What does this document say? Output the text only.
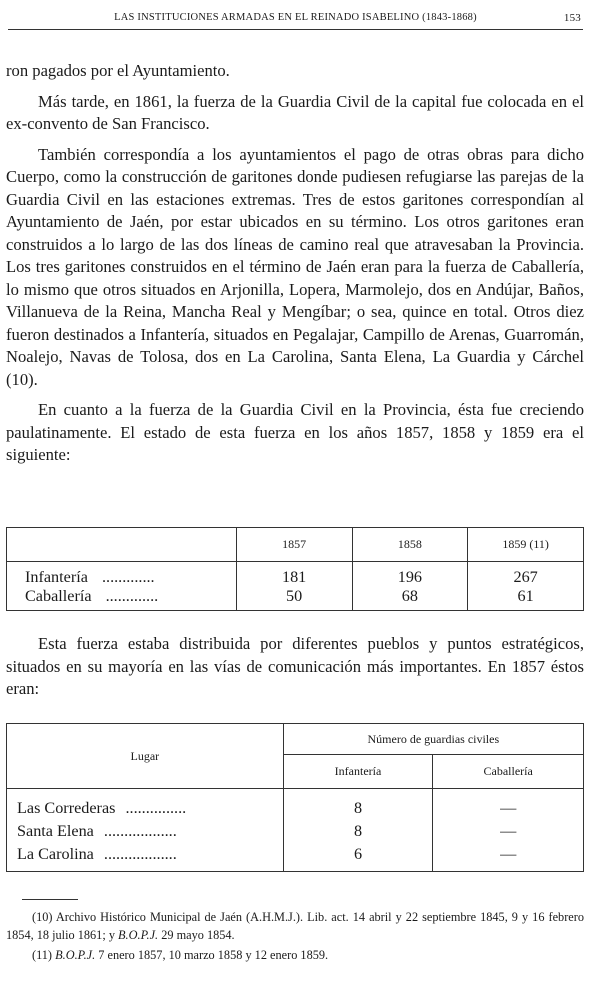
LAS INSTITUCIONES ARMADAS EN EL REINADO ISABELINO (1843-1868)	153

ron pagados por el Ayuntamiento.

Más tarde, en 1861, la fuerza de la Guardia Civil de la capital fue colocada en el ex-convento de San Francisco.

También correspondía a los ayuntamientos el pago de otras obras para dicho Cuerpo, como la construcción de garitones donde pudiesen refugiarse las parejas de la Guardia Civil en las estaciones extremas. Tres de estos garitones correspondían al Ayuntamiento de Jaén, por estar ubicados en su término. Los otros garitones eran construidos a lo largo de las dos líneas de camino real que atravesaban la Provincia. Los tres garitones construidos en el término de Jaén eran para la fuerza de Caballería, lo mismo que otros situados en Arjonilla, Lopera, Marmolejo, dos en Andújar, Baños, Villanueva de la Reina, Mancha Real y Mengíbar; o sea, quince en total. Otros diez fueron destinados a Infantería, situados en Pegalajar, Campillo de Arenas, Guarromán, Noalejo, Navas de Tolosa, dos en La Carolina, Santa Elena, La Guardia y Cárchel (10).

En cuanto a la fuerza de la Guardia Civil en la Provincia, ésta fue creciendo paulatinamente. El estado de esta fuerza en los años 1857, 1858 y 1859 era el siguiente:

	1857	1858	1859 (11)
Infantería .............	181	196	267
Caballería .............	50	68	61

Esta fuerza estaba distribuida por diferentes pueblos y puntos estratégicos, situados en su mayoría en las vías de comunicación más importantes. En 1857 éstos eran:

Lugar	Número de guardias civiles	
	Infantería	Caballería
Las Correderas ...............	8	—
Santa Elena ..................	8	—
La Carolina ..................	6	—

(10) Archivo Histórico Municipal de Jaén (A.H.M.J.). Lib. act. 14 abril y 22 septiembre 1845, 9 y 16 febrero 1854, 18 julio 1861; y B.O.P.J. 29 mayo 1854.

(11) B.O.P.J. 7 enero 1857, 10 marzo 1858 y 12 enero 1859.
